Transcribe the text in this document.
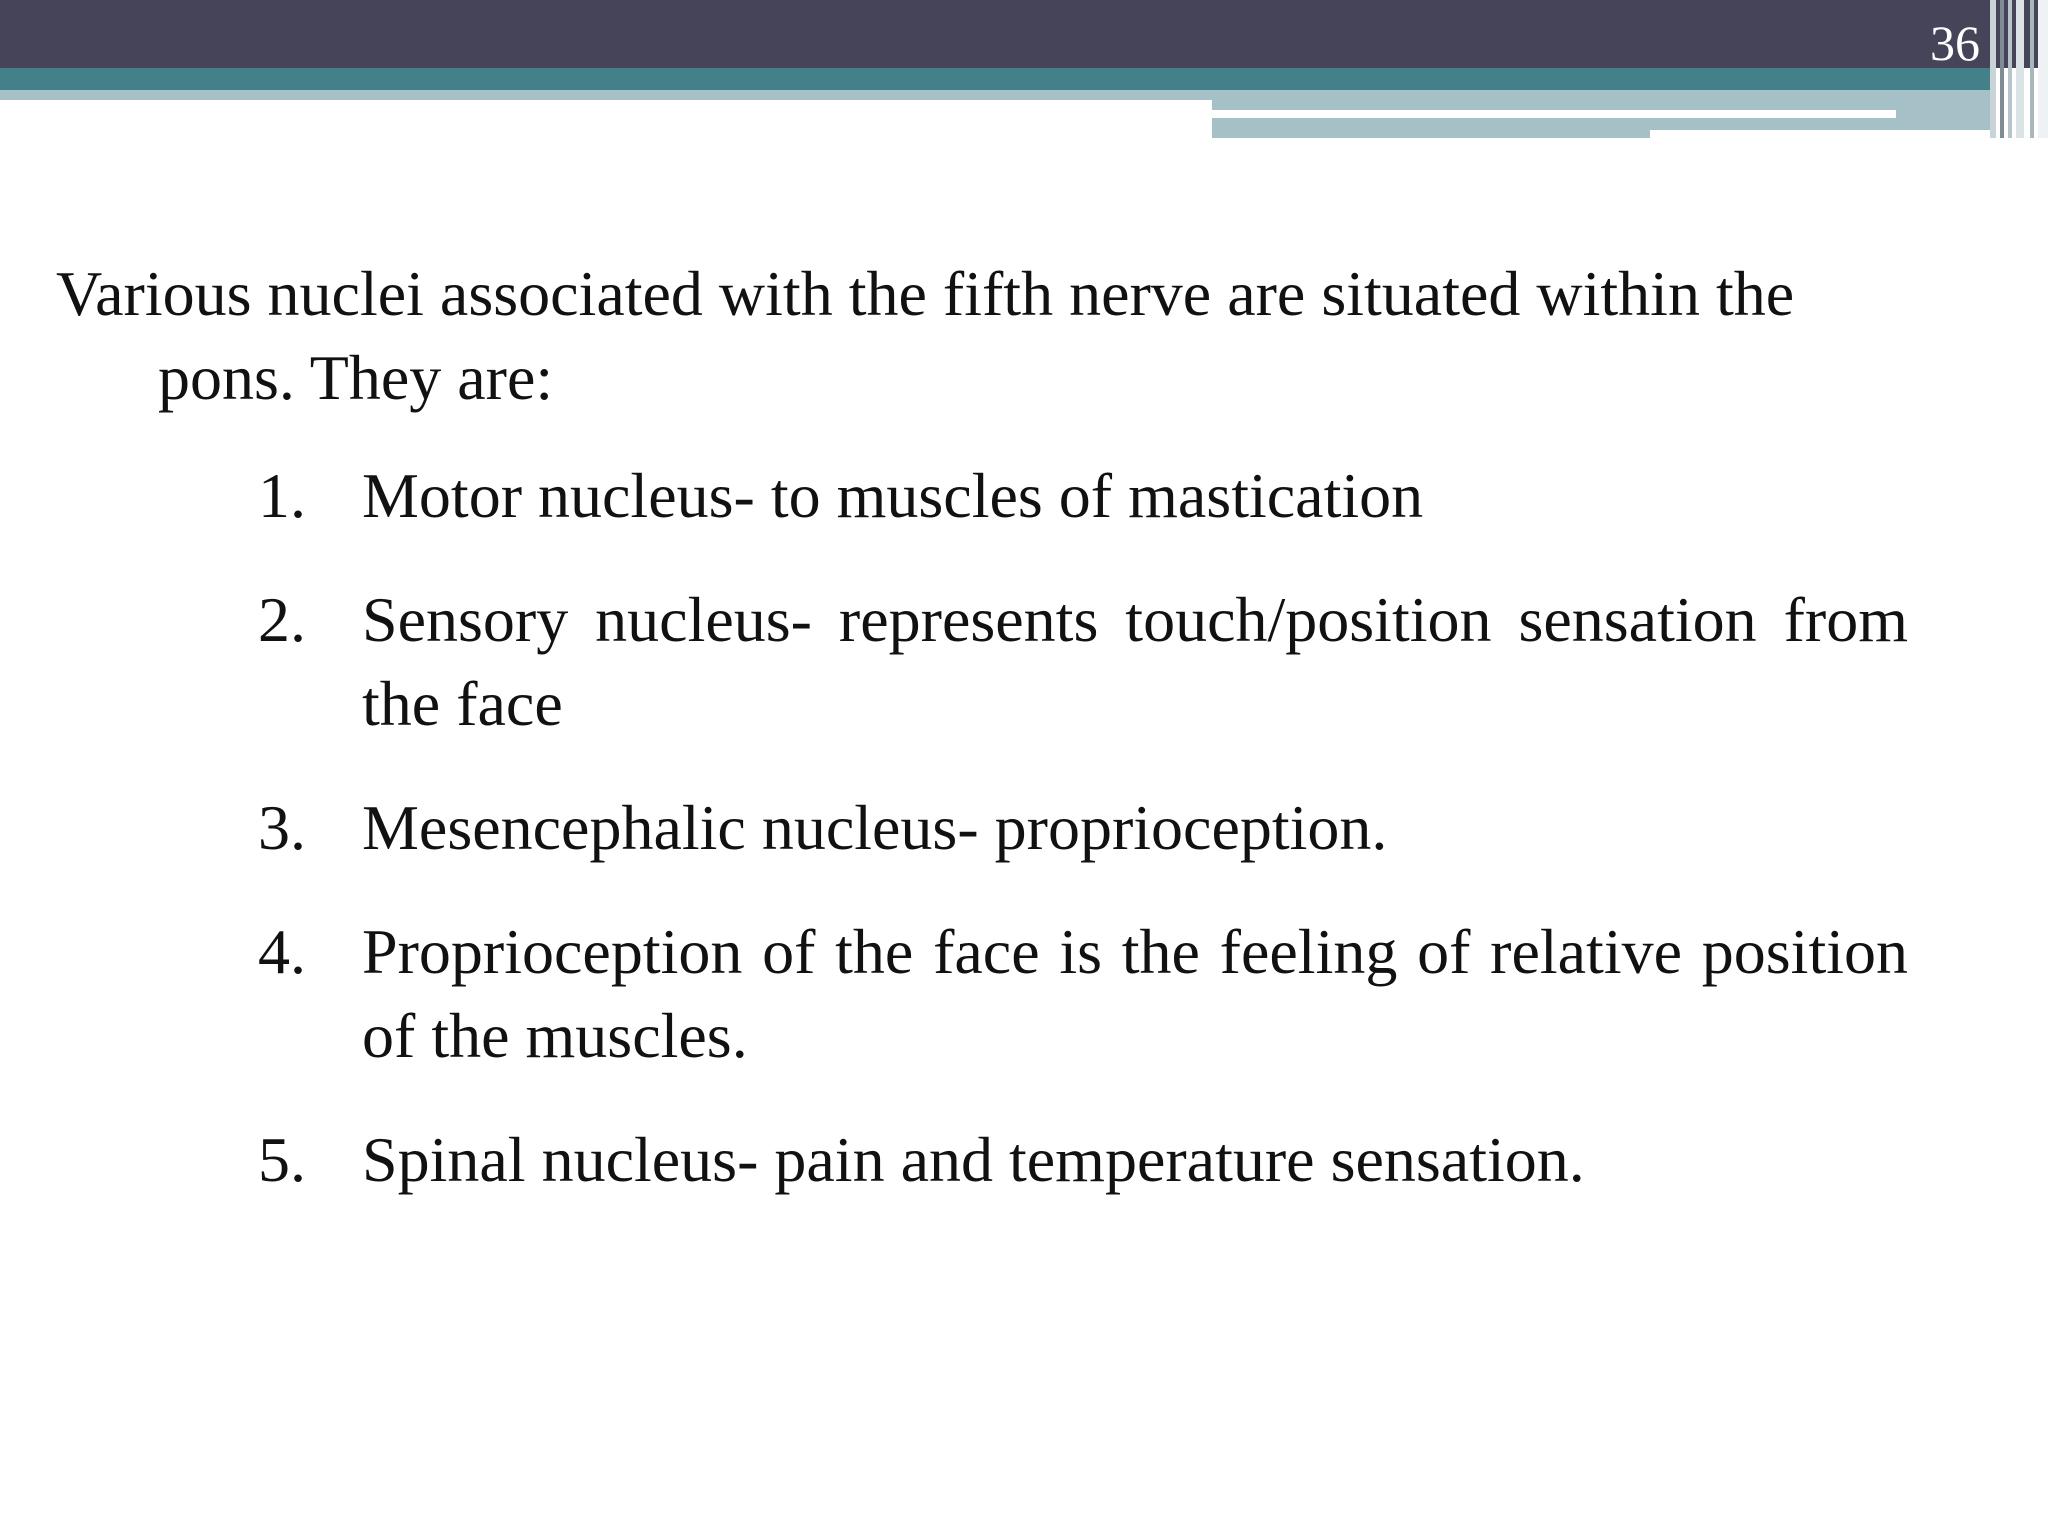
36

Various nuclei associated with the fifth nerve are situated within the pons. They are:

1. Motor nucleus- to muscles of mastication
2. Sensory nucleus- represents touch/position sensation from the face
3. Mesencephalic nucleus- proprioception.
4. Proprioception of the face is the feeling of relative position of the muscles.
5. Spinal nucleus- pain and temperature sensation.
